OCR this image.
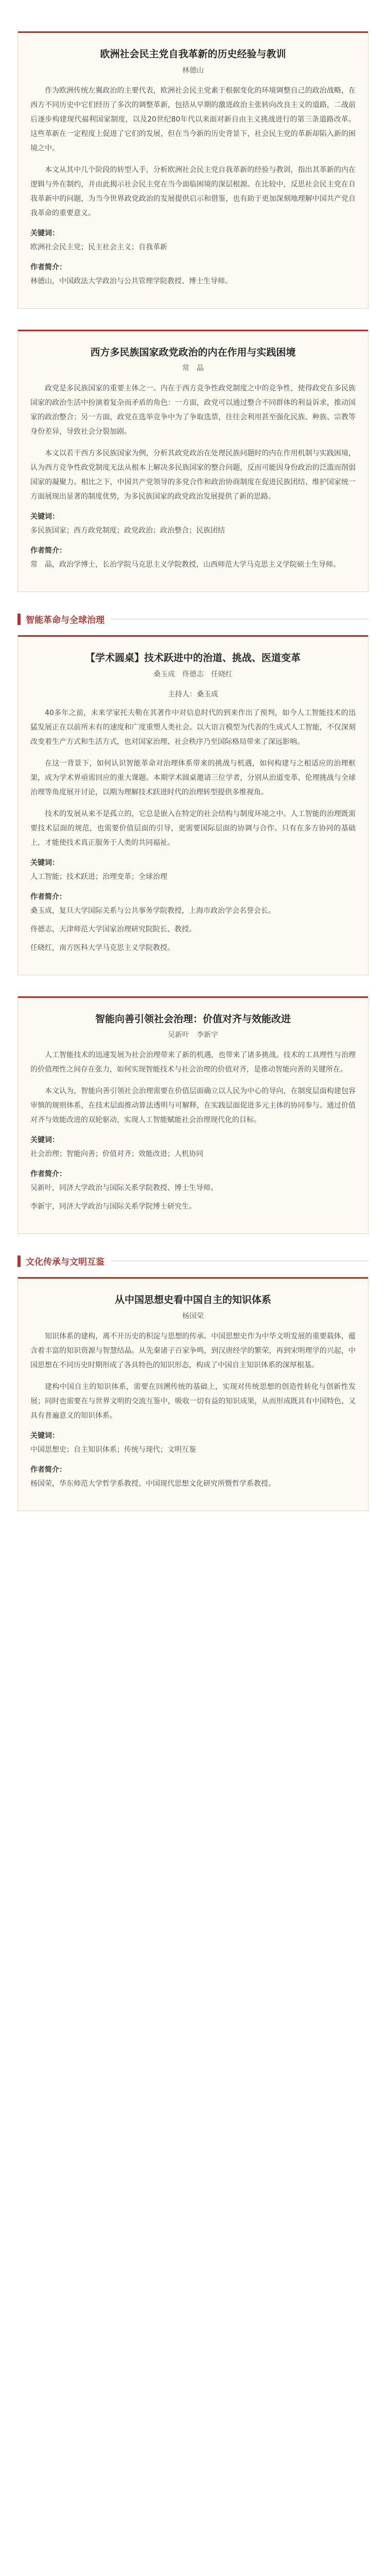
欧洲社会民主党自我革新的历史经验与教训
林德山

作为欧洲传统左翼政治的主要代表，欧洲社会民主党素于根据变化的环境调整自己的政治战略，在西方不同历史中它们经历了多次的调整革新，包括从早期的激进政治主张转向改良主义的道路，二战前后逐步构建现代福利国家制度，以及20世纪80年代以来面对新自由主义挑战进行的第三条道路改革。这些革新在一定程度上促进了它们的发展，但在当今新的历史背景下，社会民主党的革新却陷入新的困境之中。

本文从其中几个阶段的转型入手，分析欧洲社会民主党自我革新的经验与教训，指出其革新的内在逻辑与外在制约，并由此揭示社会民主党在当今面临困境的深层根源。在比较中，反思社会民主党在自我革新中的问题，为当今世界政党政治的发展提供启示和借鉴，也有助于更加深刻地理解中国共产党自我革命的重要意义。

关键词：
欧洲社会民主党；民主社会主义；自我革新
作者简介：
林德山，中国政法大学政治与公共管理学院教授、博士生导师。
西方多民族国家政党政治的内在作用与实践困境
常　晶

政党是多民族国家的重要主体之一。内在于西方竞争性政党制度之中的竞争性，使得政党在多民族国家的政治生活中扮演着复杂而矛盾的角色：一方面，政党可以通过整合不同群体的利益诉求，推动国家的政治整合；另一方面，政党在选举竞争中为了争取选票，往往会利用甚至强化民族、种族、宗教等身份差异，导致社会分裂加剧。

本文以若干西方多民族国家为例，分析其政党政治在处理民族问题时的内在作用机制与实践困境，认为西方竞争性政党制度无法从根本上解决多民族国家的整合问题，反而可能因身份政治的泛滥而削弱国家的凝聚力。相比之下，中国共产党领导的多党合作和政治协商制度在促进民族团结、维护国家统一方面展现出显著的制度优势，为多民族国家的政党政治发展提供了新的思路。

关键词：
多民族国家；西方政党制度；政党政治；政治整合；民族团结
作者简介：
常　晶，政治学博士，长治学院马克思主义学院教授，山西师范大学马克思主义学院硕士生导师。
智能革命与全球治理
【学术圆桌】技术跃进中的治道、挑战、医道变革
桑玉成　佟德志　任晓红
主持人：桑玉成

40多年之前，未来学家托夫勒在其著作中对信息时代的到来作出了预判，如今人工智能技术的迅猛发展正在以前所未有的速度和广度重塑人类社会。以大语言模型为代表的生成式人工智能，不仅深刻改变着生产方式和生活方式，也对国家治理、社会秩序乃至国际格局带来了深远影响。

在这一背景下，如何认识智能革命对治理体系带来的挑战与机遇，如何构建与之相适应的治理框架，成为学术界亟需回应的重大课题。本期学术圆桌邀请三位学者，分别从治道变革、伦理挑战与全球治理等角度展开讨论，以期为理解技术跃进时代的治理转型提供多维视角。

技术的发展从来不是孤立的，它总是嵌入在特定的社会结构与制度环境之中。人工智能的治理既需要技术层面的规范，也需要价值层面的引导，更需要国际层面的协调与合作。只有在多方协同的基础上，才能使技术真正服务于人类的共同福祉。

关键词：
人工智能；技术跃进；治理变革；全球治理
作者简介：
桑玉成，复旦大学国际关系与公共事务学院教授，上海市政治学会名誉会长。
佟德志，天津师范大学国家治理研究院院长、教授。
任晓红，南方医科大学马克思主义学院教授。
智能向善引领社会治理：价值对齐与效能改进
吴新叶　李新宇

人工智能技术的迅速发展为社会治理带来了新的机遇，也带来了诸多挑战。技术的工具理性与治理的价值理性之间存在张力，如何实现智能技术与社会治理的价值对齐，是推动智能向善的关键所在。

本文认为，智能向善引领社会治理需要在价值层面确立以人民为中心的导向，在制度层面构建包容审慎的规则体系，在技术层面推动算法透明与可解释，在实践层面促进多元主体的协同参与。通过价值对齐与效能改进的双轮驱动，实现人工智能赋能社会治理现代化的目标。

关键词：
社会治理；智能向善；价值对齐；效能改进；人机协同
作者简介：
吴新叶，同济大学政治与国际关系学院教授、博士生导师。
李新宇，同济大学政治与国际关系学院博士研究生。
文化传承与文明互鉴
从中国思想史看中国自主的知识体系
杨国荣

知识体系的建构，离不开历史的积淀与思想的传承。中国思想史作为中华文明发展的重要载体，蕴含着丰富的知识资源与智慧结晶。从先秦诸子百家争鸣，到汉唐经学的繁荣，再到宋明理学的兴起，中国思想在不同历史时期形成了各具特色的知识形态，构成了中国自主知识体系的深厚根基。

建构中国自主的知识体系，需要在回溯传统的基础上，实现对传统思想的创造性转化与创新性发展；同时也需要在与世界文明的交流互鉴中，吸收一切有益的知识成果，从而形成既具有中国特色、又具有普遍意义的知识体系。

关键词：
中国思想史；自主知识体系；传统与现代；文明互鉴
作者简介：
杨国荣，华东师范大学哲学系教授、中国现代思想文化研究所暨哲学系教授。
